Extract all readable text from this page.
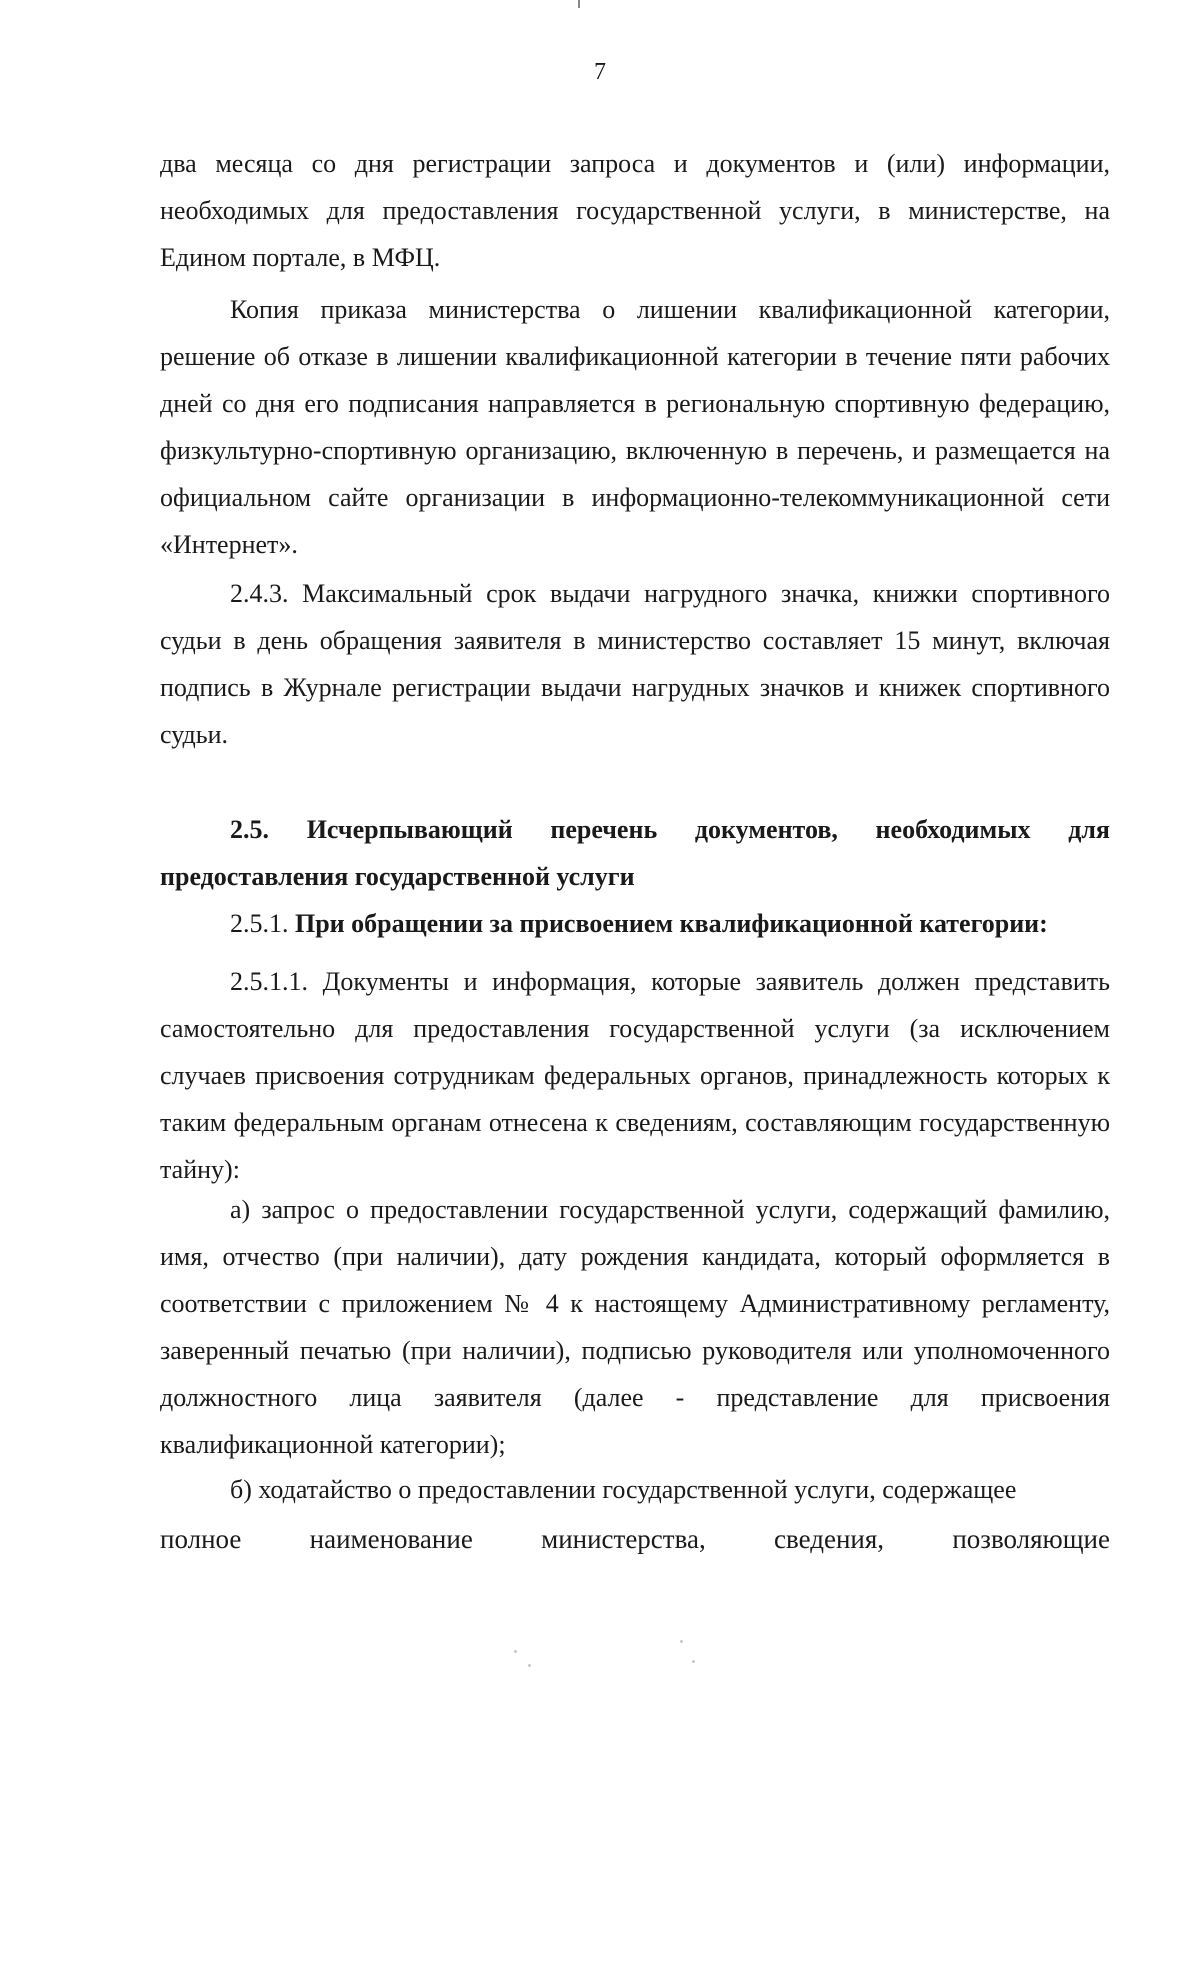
7

два месяца со дня регистрации запроса и документов и (или) информации, необходимых для предоставления государственной услуги, в министерстве, на Едином портале, в МФЦ.

Копия приказа министерства о лишении квалификационной категории, решение об отказе в лишении квалификационной категории в течение пяти рабочих дней со дня его подписания направляется в региональную спортивную федерацию, физкультурно-спортивную организацию, включенную в перечень, и размещается на официальном сайте организации в информационно-телекоммуникационной сети «Интернет».

2.4.3. Максимальный срок выдачи нагрудного значка, книжки спортивного судьи в день обращения заявителя в министерство составляет 15 минут, включая подпись в Журнале регистрации выдачи нагрудных значков и книжек спортивного судьи.

2.5. Исчерпывающий перечень документов, необходимых для предоставления государственной услуги

2.5.1. При обращении за присвоением квалификационной категории:

2.5.1.1. Документы и информация, которые заявитель должен представить самостоятельно для предоставления государственной услуги (за исключением случаев присвоения сотрудникам федеральных органов, принадлежность которых к таким федеральным органам отнесена к сведениям, составляющим государственную тайну):

а) запрос о предоставлении государственной услуги, содержащий фамилию, имя, отчество (при наличии), дату рождения кандидата, который оформляется в соответствии с приложением № 4 к настоящему Административному регламенту, заверенный печатью (при наличии), подписью руководителя или уполномоченного должностного лица заявителя (далее - представление для присвоения квалификационной категории);

б) ходатайство о предоставлении государственной услуги, содержащее

полное	наименование	министерства,	сведения,	позволяющие
